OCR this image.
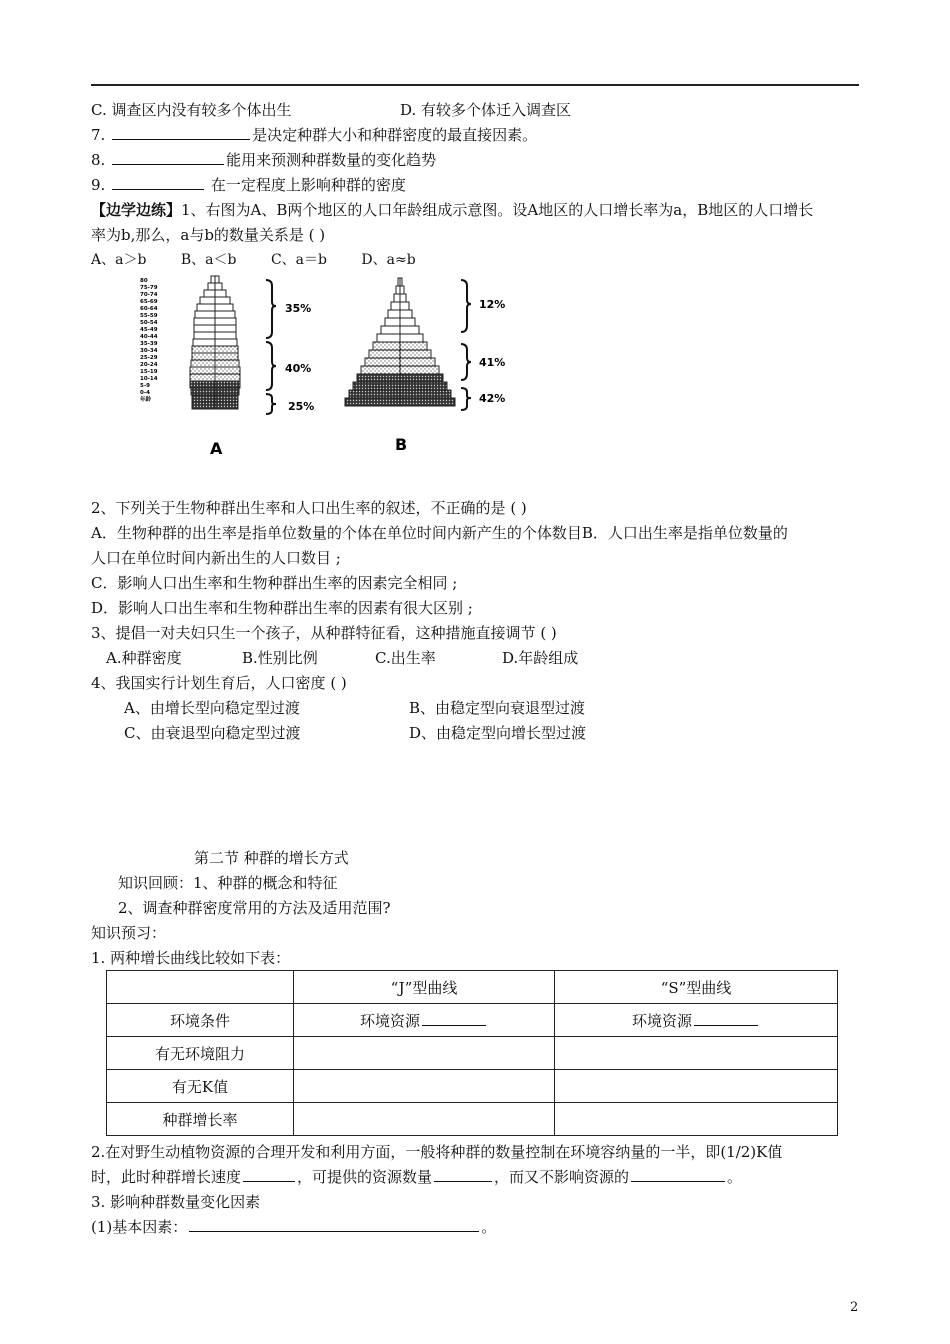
C. 调查区内没有较多个体出生	D. 有较多个体迁入调查区
7.	是决定种群大小和种群密度的最直接因素。
8.	能用来预测种群数量的变化趋势
9.	在一定程度上影响种群的密度
【边学边练】1、右图为A、B两个地区的人口年龄组成示意图。设A地区的人口增长率为a，B地区的人口增长
率为b,那么，a与b的数量关系是 ( )
A、a＞b B、a＜b C、a＝b D、a≈b
80
75-79
70-74
65-69
60-64
55-59
50-54
45-49
40-44
35-39
30-34
25-29
20-24
15-19
10-14
5-9
0-4
年龄
35%
40%
25%
A
12%
41%
42%
B
2、下列关于生物种群出生率和人口出生率的叙述，不正确的是 ( )
A．生物种群的出生率是指单位数量的个体在单位时间内新产生的个体数目B．人口出生率是指单位数量的
人口在单位时间内新出生的人口数目 ;
C．影响人口出生率和生物种群出生率的因素完全相同 ;
D．影响人口出生率和生物种群出生率的因素有很大区别 ;
3、提倡一对夫妇只生一个孩子，从种群特征看，这种措施直接调节 ( )
A.种群密度	B.性别比例	C.出生率	D.年龄组成
4、我国实行计划生育后，人口密度 ( )
A、由增长型向稳定型过渡	B、由稳定型向衰退型过渡
C、由衰退型向稳定型过渡	D、由稳定型向增长型过渡
第二节 种群的增长方式
知识回顾：1、种群的概念和特征
2、调查种群密度常用的方法及适用范围?
知识预习：
1. 两种增长曲线比较如下表：
	“J”型曲线	“S”型曲线
环境条件	环境资源	环境资源
有无环境阻力		
有无K值		
种群增长率		
2.在对野生动植物资源的合理开发和利用方面，一般将种群的数量控制在环境容纳量的一半，即(1/2)K值
时，此时种群增长速度	，可提供的资源数量	，而又不影响资源的	。
3. 影响种群数量变化因素
(1)基本因素：	。
2
